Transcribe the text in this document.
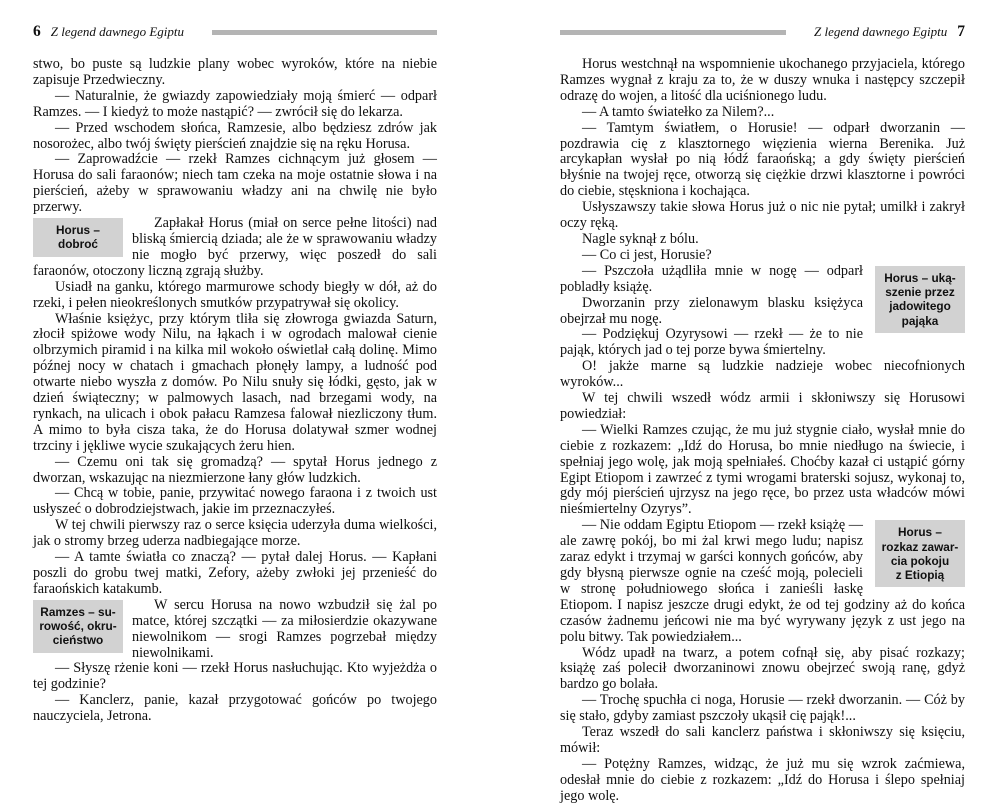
6 Z legend dawnego Egiptu

stwo, bo puste są ludzkie plany wobec wyroków, które na niebie zapisuje Przedwieczny.

— Naturalnie, że gwiazdy zapowiedziały moją śmierć — odparł Ramzes. — I kiedyż to może nastąpić? — zwrócił się do lekarza.

— Przed wschodem słońca, Ramzesie, albo będziesz zdrów jak nosorożec, albo twój święty pierścień znajdzie się na ręku Horusa.

— Zaprowadźcie — rzekł Ramzes cichnącym już głosem — Horusa do sali faraonów; niech tam czeka na moje ostatnie słowa i na pierścień, ażeby w sprawowaniu władzy ani na chwilę nie było przerwy.

Horus –
dobroć
Zapłakał Horus (miał on serce pełne litości) nad bliską śmiercią dziada; ale że w sprawowaniu władzy nie mogło być przerwy, więc poszedł do sali faraonów, otoczony liczną zgrają służby.

Usiadł na ganku, którego marmurowe schody biegły w dół, aż do rzeki, i pełen nieokreślonych smutków przypatrywał się okolicy.

Właśnie księżyc, przy którym tliła się złowroga gwiazda Saturn, złocił spiżowe wody Nilu, na łąkach i w ogrodach malował cienie olbrzymich piramid i na kilka mil wokoło oświetlał całą dolinę. Mimo późnej nocy w chatach i gmachach płonęły lampy, a ludność pod otwarte niebo wyszła z domów. Po Nilu snuły się łódki, gęsto, jak w dzień świąteczny; w palmowych lasach, nad brzegami wody, na rynkach, na ulicach i obok pałacu Ramzesa falował niezliczony tłum. A mimo to była cisza taka, że do Horusa dolatywał szmer wodnej trzciny i jękliwe wycie szukających żeru hien.

— Czemu oni tak się gromadzą? — spytał Horus jednego z dworzan, wskazując na niezmierzone łany głów ludzkich.

— Chcą w tobie, panie, przywitać nowego faraona i z twoich ust usłyszeć o dobrodziejstwach, jakie im przeznaczyłeś.

W tej chwili pierwszy raz o serce księcia uderzyła duma wielkości, jak o stromy brzeg uderza nadbiegające morze.

— A tamte światła co znaczą? — pytał dalej Horus. — Kapłani poszli do grobu twej matki, Zefory, ażeby zwłoki jej przenieść do faraońskich katakumb.

Ramzes – su-
rowość, okru-
cieństwo
W sercu Horusa na nowo wzbudził się żal po matce, której szczątki — za miłosierdzie okazywane niewolnikom — srogi Ramzes pogrzebał między niewolnikami.

— Słyszę rżenie koni — rzekł Horus nasłuchując. Kto wyjeżdża o tej godzinie?

— Kanclerz, panie, kazał przygotować gońców po twojego nauczyciela, Jetrona.

Z legend dawnego Egiptu 7

Horus westchnął na wspomnienie ukochanego przyjaciela, którego Ramzes wygnał z kraju za to, że w duszy wnuka i następcy szczepił odrazę do wojen, a litość dla uciśnionego ludu.

— A tamto światełko za Nilem?...

— Tamtym światłem, o Horusie! — odparł dworzanin — pozdrawia cię z klasztornego więzienia wierna Berenika. Już arcykapłan wysłał po nią łódź faraońską; a gdy święty pierścień błyśnie na twojej ręce, otworzą się ciężkie drzwi klasztorne i powróci do ciebie, stęskniona i kochająca.

Usłyszawszy takie słowa Horus już o nic nie pytał; umilkł i zakrył oczy ręką.

Nagle syknął z bólu.

— Co ci jest, Horusie?

Horus – uką-
szenie przez
jadowitego
pająka
— Pszczoła użądliła mnie w nogę — odparł pobladły książę.

Dworzanin przy zielonawym blasku księżyca obejrzał mu nogę.

— Podziękuj Ozyrysowi — rzekł — że to nie pająk, których jad o tej porze bywa śmiertelny.

O! jakże marne są ludzkie nadzieje wobec niecofnionych wyroków...

W tej chwili wszedł wódz armii i skłoniwszy się Horusowi powiedział:

— Wielki Ramzes czując, że mu już stygnie ciało, wysłał mnie do ciebie z rozkazem: „Idź do Horusa, bo mnie niedługo na świecie, i spełniaj jego wolę, jak moją spełniałeś. Choćby kazał ci ustąpić górny Egipt Etiopom i zawrzeć z tymi wrogami braterski sojusz, wykonaj to, gdy mój pierścień ujrzysz na jego ręce, bo przez usta władców mówi nieśmiertelny Ozyrys”.

Horus –
rozkaz zawar-
cia pokoju
z Etiopią
— Nie oddam Egiptu Etiopom — rzekł książę — ale zawrę pokój, bo mi żal krwi mego ludu; napisz zaraz edykt i trzymaj w garści konnych gońców, aby gdy błysną pierwsze ognie na cześć moją, polecieli w stronę południowego słońca i zanieśli łaskę Etiopom. I napisz jeszcze drugi edykt, że od tej godziny aż do końca czasów żadnemu jeńcowi nie ma być wyrywany język z ust jego na polu bitwy. Tak powiedziałem...

Wódz upadł na twarz, a potem cofnął się, aby pisać rozkazy; książę zaś polecił dworzaninowi znowu obejrzeć swoją ranę, gdyż bardzo go bolała.

— Trochę spuchła ci noga, Horusie — rzekł dworzanin. — Cóż by się stało, gdyby zamiast pszczoły ukąsił cię pająk!...

Teraz wszedł do sali kanclerz państwa i skłoniwszy się księciu, mówił:

— Potężny Ramzes, widząc, że już mu się wzrok zaćmiewa, odesłał mnie do ciebie z rozkazem: „Idź do Horusa i ślepo spełniaj jego wolę.
